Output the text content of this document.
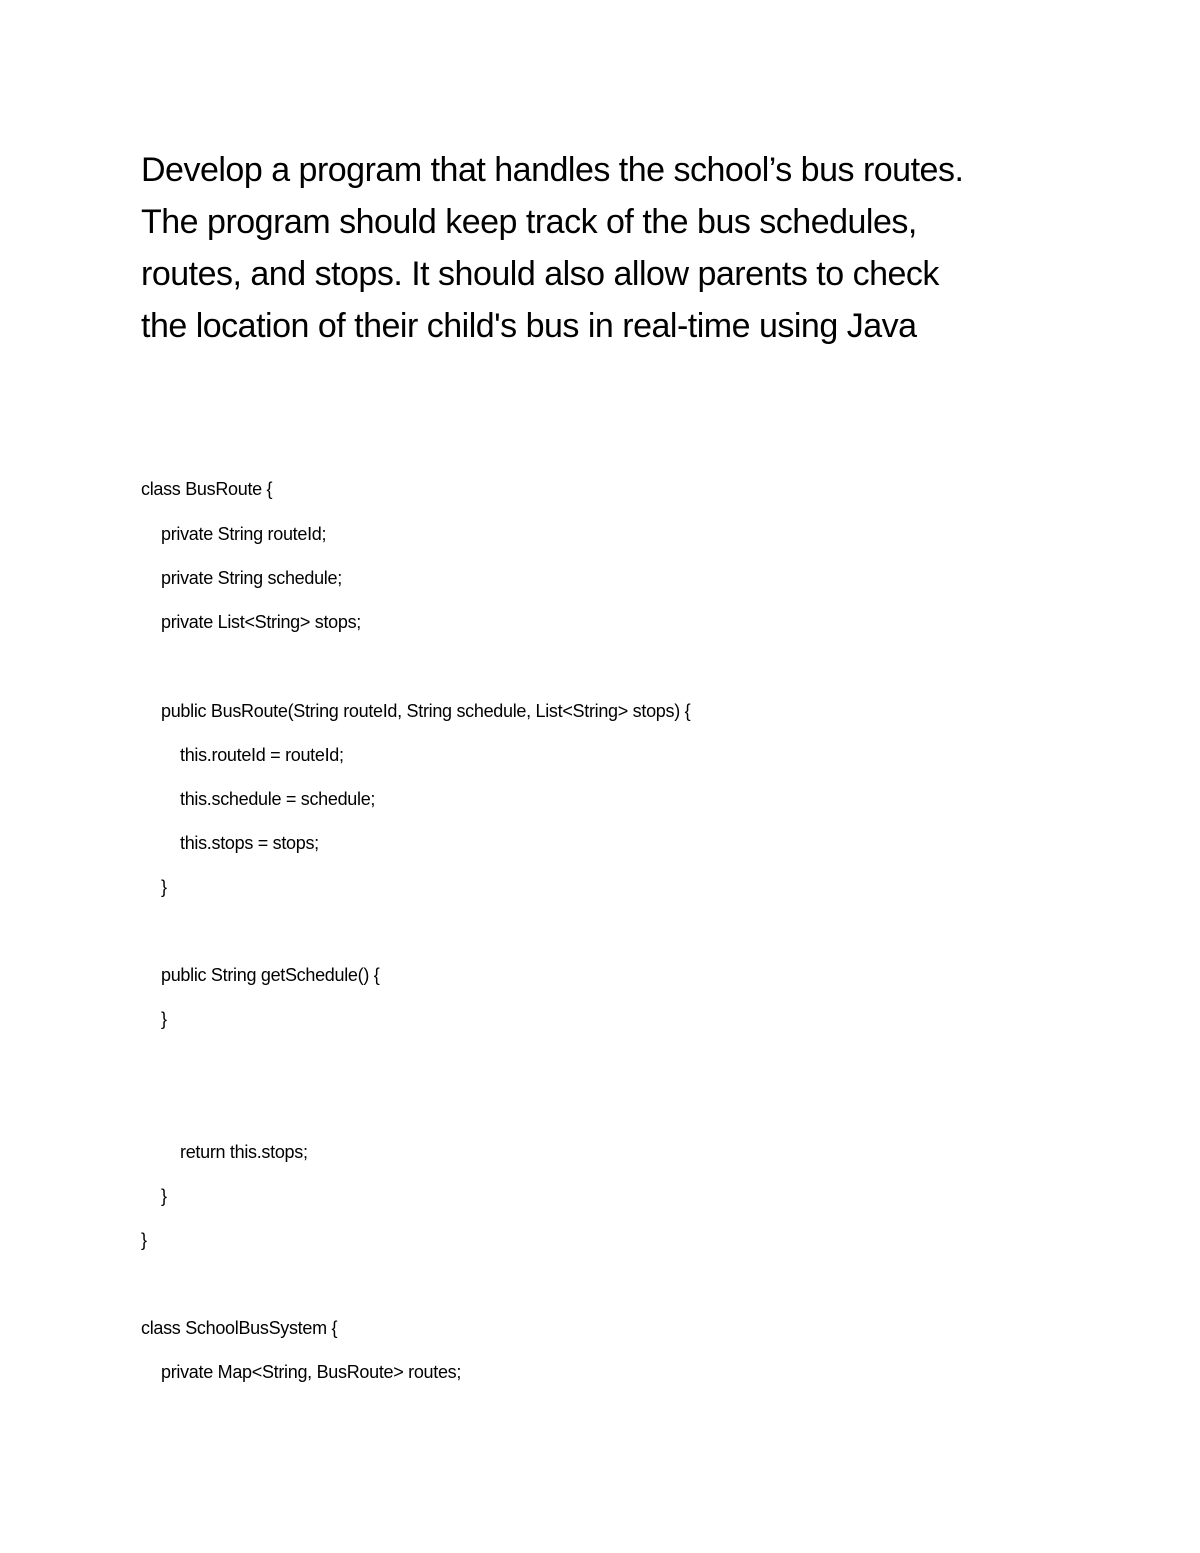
Develop a program that handles the school’s bus routes.
The program should keep track of the bus schedules,
routes, and stops. It should also allow parents to check
the location of their child's bus in real-time using Java

class BusRoute {

private String routeId;

private String schedule;

private List<String> stops;

public BusRoute(String routeId, String schedule, List<String> stops) {

this.routeId = routeId;

this.schedule = schedule;

this.stops = stops;

}

public String getSchedule() {

}

return this.stops;

}

}

class SchoolBusSystem {

private Map<String, BusRoute> routes;
